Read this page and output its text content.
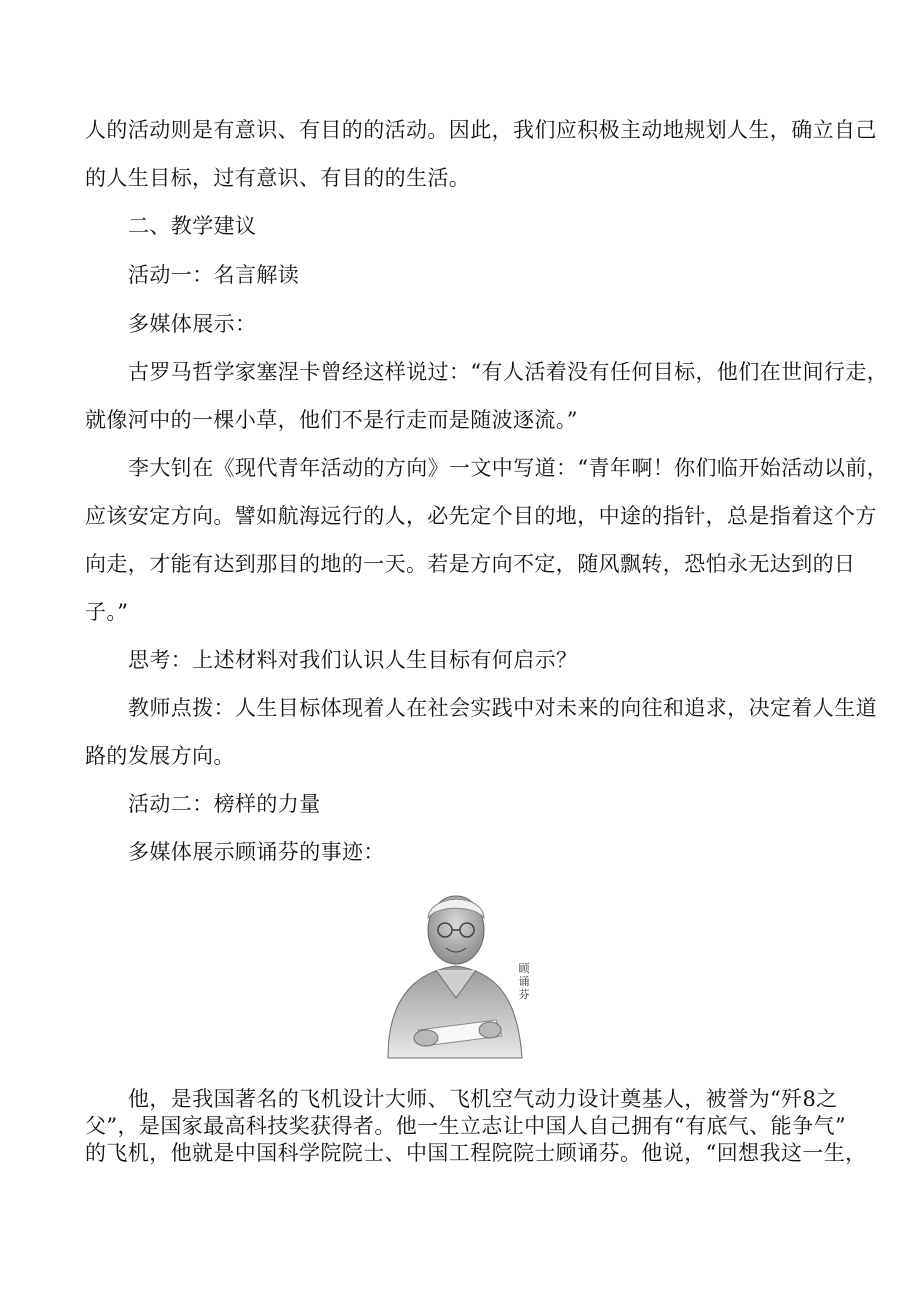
人的活动则是有意识、有目的的活动。因此，我们应积极主动地规划人生，确立自己

的人生目标，过有意识、有目的的生活。

二、教学建议

活动一：名言解读

多媒体展示：

古罗马哲学家塞涅卡曾经这样说过：“有人活着没有任何目标，他们在世间行走，

就像河中的一棵小草，他们不是行走而是随波逐流。”

李大钊在《现代青年活动的方向》一文中写道：“青年啊！你们临开始活动以前，

应该安定方向。譬如航海远行的人，必先定个目的地，中途的指针，总是指着这个方

向走，才能有达到那目的地的一天。若是方向不定，随风飘转，恐怕永无达到的日

子。”

思考：上述材料对我们认识人生目标有何启示？

教师点拨：人生目标体现着人在社会实践中对未来的向往和追求，决定着人生道

路的发展方向。

活动二：榜样的力量

多媒体展示顾诵芬的事迹：

顾
诵
芬

他，是我国著名的飞机设计大师、飞机空气动力设计奠基人，被誉为“歼8之

父”，是国家最高科技奖获得者。他一生立志让中国人自己拥有“有底气、能争气”

的飞机，他就是中国科学院院士、中国工程院院士顾诵芬。他说，“回想我这一生，
